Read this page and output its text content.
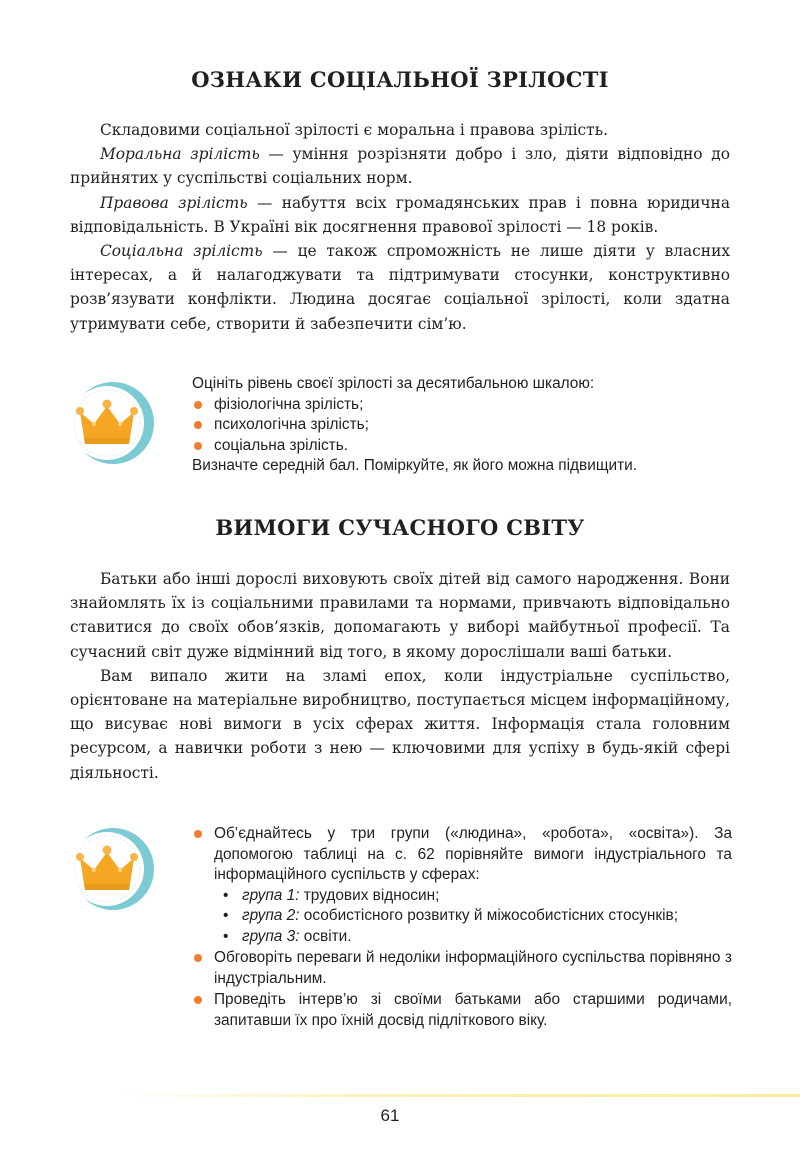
ОЗНАКИ СОЦІАЛЬНОЇ ЗРІЛОСТІ

Складовими соціальної зрілості є моральна і правова зрілість.

Моральна зрілість — уміння розрізняти добро і зло, діяти відповідно до прийнятих у суспільстві соціальних норм.

Правова зрілість — набуття всіх громадянських прав і повна юридична відповідальність. В Україні вік досягнення правової зрілості — 18 років.

Соціальна зрілість — це також спроможність не лише діяти у власних інтересах, а й налагоджувати та підтримувати стосунки, конструктивно розв’язувати конфлікти. Людина досягає соціальної зрілості, коли здатна утримувати себе, створити й забезпечити сім’ю.

Оцініть рівень своєї зрілості за десятибальною шкалою:
фізіологічна зрілість;
психологічна зрілість;
соціальна зрілість.
Визначте середній бал. Поміркуйте, як його можна підвищити.
ВИМОГИ СУЧАСНОГО СВІТУ

Батьки або інші дорослі виховують своїх дітей від самого народження. Вони знайомлять їх із соціальними правилами та нормами, привчають відповідально ставитися до своїх обов’язків, допомагають у виборі майбутньої професії. Та сучасний світ дуже відмінний від того, в якому дорослішали ваші батьки.

Вам випало жити на зламі епох, коли індустріальне суспільство, орієнтоване на матеріальне виробництво, поступається місцем інформаційному, що висуває нові вимоги в усіх сферах життя. Інформація стала головним ресурсом, а навички роботи з нею — ключовими для успіху в будь-якій сфері діяльності.

Об’єднайтесь у три групи («людина», «робота», «освіта»). За допомогою таблиці на с. 62 порівняйте вимоги індустріального та інформаційного суспільств у сферах:
• група 1: трудових відносин;
• група 2: особистісного розвитку й міжособистісних стосунків;
• група 3: освіти.
Обговоріть переваги й недоліки інформаційного суспільства порівняно з індустріальним.
Проведіть інтерв’ю зі своїми батьками або старшими родичами, запитавши їх про їхній досвід підліткового віку.
61
